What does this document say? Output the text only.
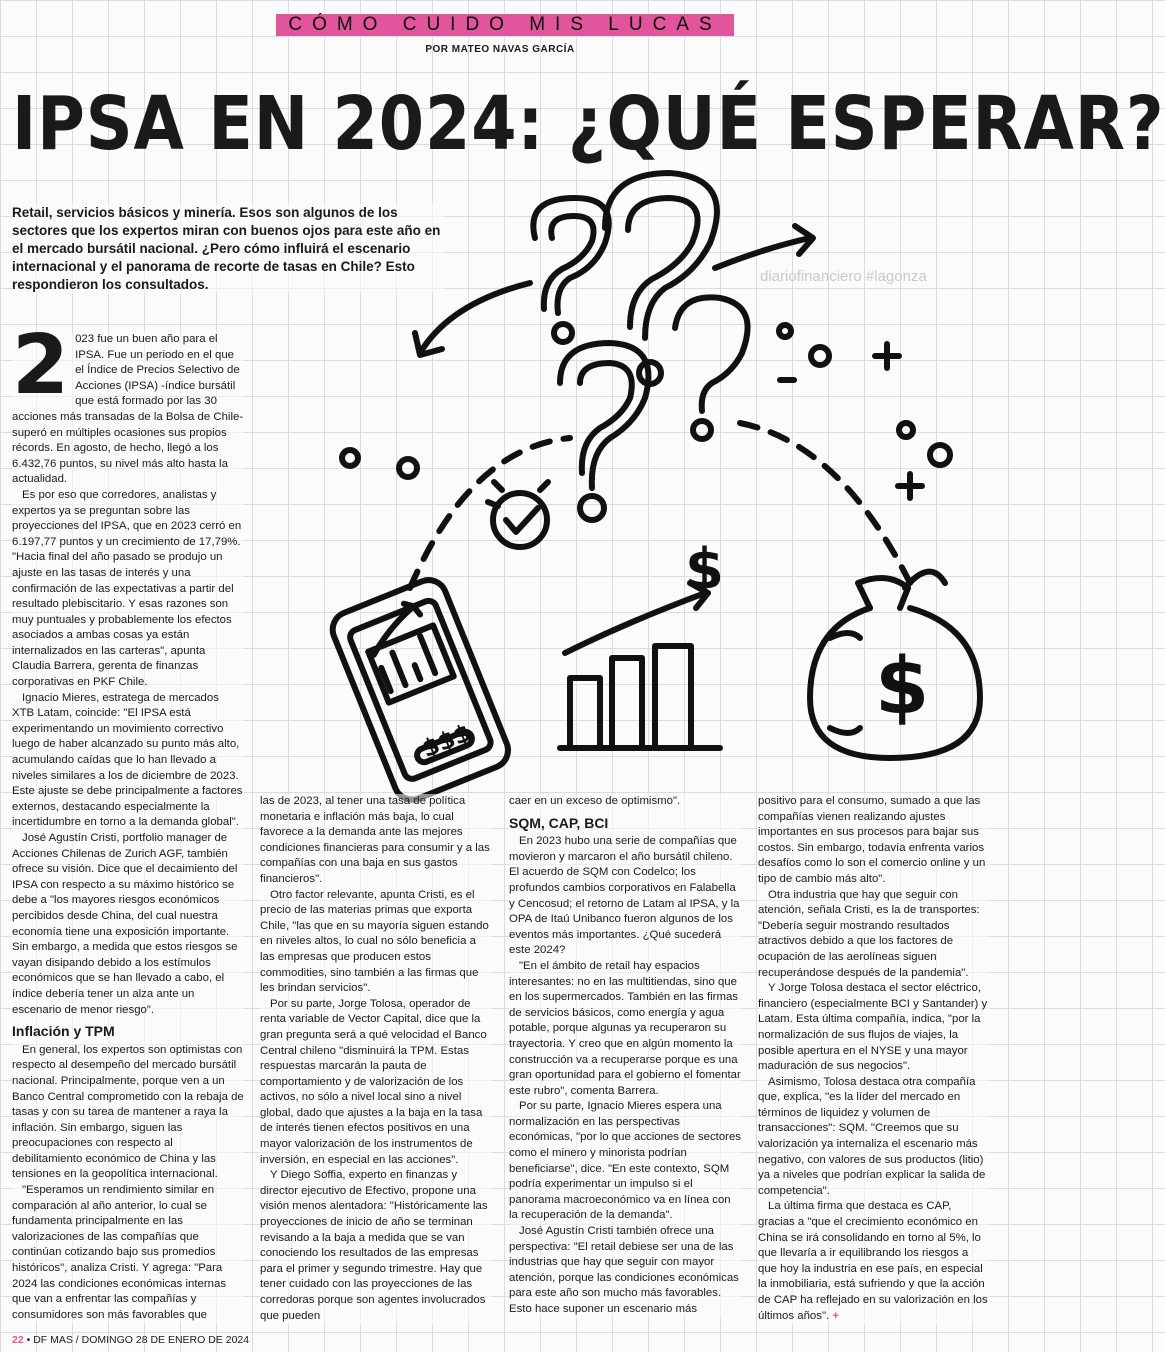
CÓMO CUIDO MIS LUCAS
POR MATEO NAVAS GARCÍA
IPSA EN 2024: ¿QUÉ ESPERAR?
diariofinanciero #lagonza
$$$
$
$
Retail, servicios básicos y minería. Esos son algunos de los sectores que los expertos miran con buenos ojos para este año en el mercado bursátil nacional. ¿Pero cómo influirá el escenario internacional y el panorama de recorte de tasas en Chile? Esto respondieron los consultados.
2 023 fue un buen año para el IPSA. Fue un periodo en el que el Índice de Precios Selectivo de Acciones (IPSA) -índice bursátil que está formado por las 30 acciones más transadas de la Bolsa de Chile- superó en múltiples ocasiones sus propios récords. En agosto, de hecho, llegó a los 6.432,76 puntos, su nivel más alto hasta la actualidad.

Es por eso que corredores, analistas y expertos ya se preguntan sobre las proyecciones del IPSA, que en 2023 cerró en 6.197,77 puntos y un crecimiento de 17,79%. "Hacia final del año pasado se produjo un ajuste en las tasas de interés y una confirmación de las expectativas a partir del resultado plebiscitario. Y esas razones son muy puntuales y probablemente los efectos asociados a ambas cosas ya están internalizados en las carteras", apunta Claudia Barrera, gerenta de finanzas corporativas en PKF Chile.

Ignacio Mieres, estratega de mercados XTB Latam, coincide: "El IPSA está experimentando un movimiento correctivo luego de haber alcanzado su punto más alto, acumulando caídas que lo han llevado a niveles similares a los de diciembre de 2023. Este ajuste se debe principalmente a factores externos, destacando especialmente la incertidumbre en torno a la demanda global".

José Agustín Cristi, portfolio manager de Acciones Chilenas de Zurich AGF, también ofrece su visión. Dice que el decaimiento del IPSA con respecto a su máximo histórico se debe a "los mayores riesgos económicos percibidos desde China, del cual nuestra economía tiene una exposición importante. Sin embargo, a medida que estos riesgos se vayan disipando debido a los estímulos económicos que se han llevado a cabo, el índice debería tener un alza ante un escenario de menor riesgo".

Inflación y TPM

En general, los expertos son optimistas con respecto al desempeño del mercado bursátil nacional. Principalmente, porque ven a un Banco Central comprometido con la rebaja de tasas y con su tarea de mantener a raya la inflación. Sin embargo, siguen las preocupaciones con respecto al debilitamiento económico de China y las tensiones en la geopolítica internacional.

"Esperamos un rendimiento similar en comparación al año anterior, lo cual se fundamenta principalmente en las valorizaciones de las compañías que continúan cotizando bajo sus promedios históricos", analiza Cristi. Y agrega: "Para 2024 las condiciones económicas internas que van a enfrentar las compañías y consumidores son más favorables que

las de 2023, al tener una tasa de política monetaria e inflación más baja, lo cual favorece a la demanda ante las mejores condiciones financieras para consumir y a las compañías con una baja en sus gastos financieros".

Otro factor relevante, apunta Cristi, es el precio de las materias primas que exporta Chile, "las que en su mayoría siguen estando en niveles altos, lo cual no sólo beneficia a las empresas que producen estos commodities, sino también a las firmas que les brindan servicios".

Por su parte, Jorge Tolosa, operador de renta variable de Vector Capital, dice que la gran pregunta será a qué velocidad el Banco Central chileno "disminuirá la TPM. Estas respuestas marcarán la pauta de comportamiento y de valorización de los activos, no sólo a nivel local sino a nivel global, dado que ajustes a la baja en la tasa de interés tienen efectos positivos en una mayor valorización de los instrumentos de inversión, en especial en las acciones".

Y Diego Soffia, experto en finanzas y director ejecutivo de Efectivo, propone una visión menos alentadora: "Históricamente las proyecciones de inicio de año se terminan revisando a la baja a medida que se van conociendo los resultados de las empresas para el primer y segundo trimestre. Hay que tener cuidado con las proyecciones de las corredoras porque son agentes involucrados que pueden

caer en un exceso de optimismo".

SQM, CAP, BCI

En 2023 hubo una serie de compañías que movieron y marcaron el año bursátil chileno. El acuerdo de SQM con Codelco; los profundos cambios corporativos en Falabella y Cencosud; el retorno de Latam al IPSA, y la OPA de Itaú Unibanco fueron algunos de los eventos más importantes. ¿Qué sucederá este 2024?

"En el ámbito de retail hay espacios interesantes: no en las multitiendas, sino que en los supermercados. También en las firmas de servicios básicos, como energía y agua potable, porque algunas ya recuperaron su trayectoria. Y creo que en algún momento la construcción va a recuperarse porque es una gran oportunidad para el gobierno el fomentar este rubro", comenta Barrera.

Por su parte, Ignacio Mieres espera una normalización en las perspectivas económicas, "por lo que acciones de sectores como el minero y minorista podrían beneficiarse", dice. "En este contexto, SQM podría experimentar un impulso si el panorama macroeconómico va en línea con la recuperación de la demanda".

José Agustín Cristi también ofrece una perspectiva: "El retail debiese ser una de las industrias que hay que seguir con mayor atención, porque las condiciones económicas para este año son mucho más favorables. Esto hace suponer un escenario más

positivo para el consumo, sumado a que las compañías vienen realizando ajustes importantes en sus procesos para bajar sus costos. Sin embargo, todavía enfrenta varios desafíos como lo son el comercio online y un tipo de cambio más alto".

Otra industria que hay que seguir con atención, señala Cristi, es la de transportes: "Debería seguir mostrando resultados atractivos debido a que los factores de ocupación de las aerolíneas siguen recuperándose después de la pandemia".

Y Jorge Tolosa destaca el sector eléctrico, financiero (especialmente BCI y Santander) y Latam. Esta última compañía, indica, "por la normalización de sus flujos de viajes, la posible apertura en el NYSE y una mayor maduración de sus negocios".

Asimismo, Tolosa destaca otra compañía que, explica, "es la líder del mercado en términos de liquidez y volumen de transacciones": SQM. "Creemos que su valorización ya internaliza el escenario más negativo, con valores de sus productos (litio) ya a niveles que podrían explicar la salida de competencia".

La última firma que destaca es CAP, gracias a "que el crecimiento económico en China se irá consolidando en torno al 5%, lo que llevaría a ir equilibrando los riesgos a que hoy la industria en ese país, en especial la inmobiliaria, está sufriendo y que la acción de CAP ha reflejado en su valorización en los últimos años". +

22 • DF MAS / DOMINGO 28 DE ENERO DE 2024
